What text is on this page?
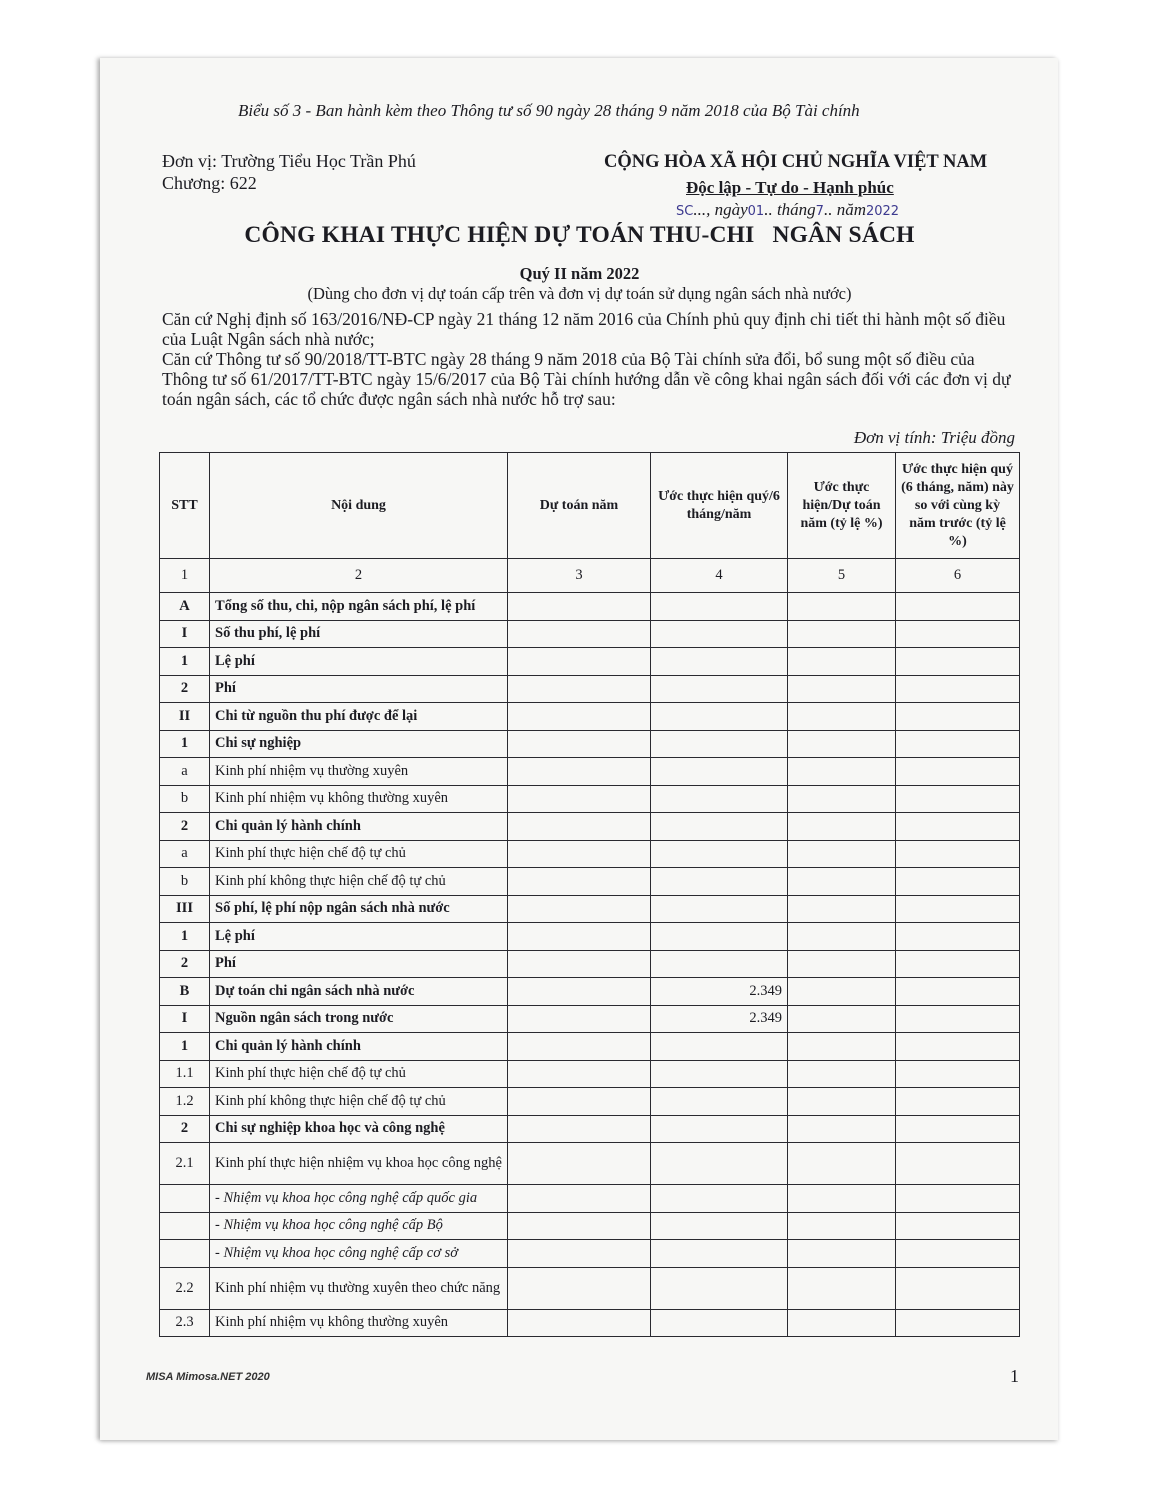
Biểu số 3 - Ban hành kèm theo Thông tư số 90 ngày 28 tháng 9 năm 2018 của Bộ Tài chính
Đơn vị: Trường Tiểu Học Trần Phú
Chương: 622
CỘNG HÒA XÃ HỘI CHỦ NGHĨA VIỆT NAM
Độc lập - Tự do - Hạnh phúc
SC..., ngày01.. tháng7.. năm2022
CÔNG KHAI THỰC HIỆN DỰ TOÁN THU-CHI NGÂN SÁCH
Quý II năm 2022
(Dùng cho đơn vị dự toán cấp trên và đơn vị dự toán sử dụng ngân sách nhà nước)

Căn cứ Nghị định số 163/2016/NĐ-CP ngày 21 tháng 12 năm 2016 của Chính phủ quy định chi tiết thi hành một số điều của Luật Ngân sách nhà nước;

Căn cứ Thông tư số 90/2018/TT-BTC ngày 28 tháng 9 năm 2018 của Bộ Tài chính sửa đổi, bổ sung một số điều của Thông tư số 61/2017/TT-BTC ngày 15/6/2017 của Bộ Tài chính hướng dẫn về công khai ngân sách đối với các đơn vị dự toán ngân sách, các tổ chức được ngân sách nhà nước hỗ trợ sau:

Đơn vị tính: Triệu đồng
STT	Nội dung	Dự toán năm	Ước thực hiện quý/6 tháng/năm	Ước thực hiện/Dự toán năm (tỷ lệ %)	Ước thực hiện quý (6 tháng, năm) này so với cùng kỳ năm trước (tỷ lệ %)
1	2	3	4	5	6
A	Tổng số thu, chi, nộp ngân sách phí, lệ phí				
I	Số thu phí, lệ phí				
1	Lệ phí				
2	Phí				
II	Chi từ nguồn thu phí được để lại				
1	Chi sự nghiệp				
a	Kinh phí nhiệm vụ thường xuyên				
b	Kinh phí nhiệm vụ không thường xuyên				
2	Chi quản lý hành chính				
a	Kinh phí thực hiện chế độ tự chủ				
b	Kinh phí không thực hiện chế độ tự chủ				
III	Số phí, lệ phí nộp ngân sách nhà nước				
1	Lệ phí				
2	Phí				
B	Dự toán chi ngân sách nhà nước		2.349		
I	Nguồn ngân sách trong nước		2.349		
1	Chi quản lý hành chính				
1.1	Kinh phí thực hiện chế độ tự chủ				
1.2	Kinh phí không thực hiện chế độ tự chủ				
2	Chi sự nghiệp khoa học và công nghệ				
2.1	Kinh phí thực hiện nhiệm vụ khoa học công nghệ				
	- Nhiệm vụ khoa học công nghệ cấp quốc gia				
	- Nhiệm vụ khoa học công nghệ cấp Bộ				
	- Nhiệm vụ khoa học công nghệ cấp cơ sở				
2.2	Kinh phí nhiệm vụ thường xuyên theo chức năng				
2.3	Kinh phí nhiệm vụ không thường xuyên				
MISA Mimosa.NET 2020	1
